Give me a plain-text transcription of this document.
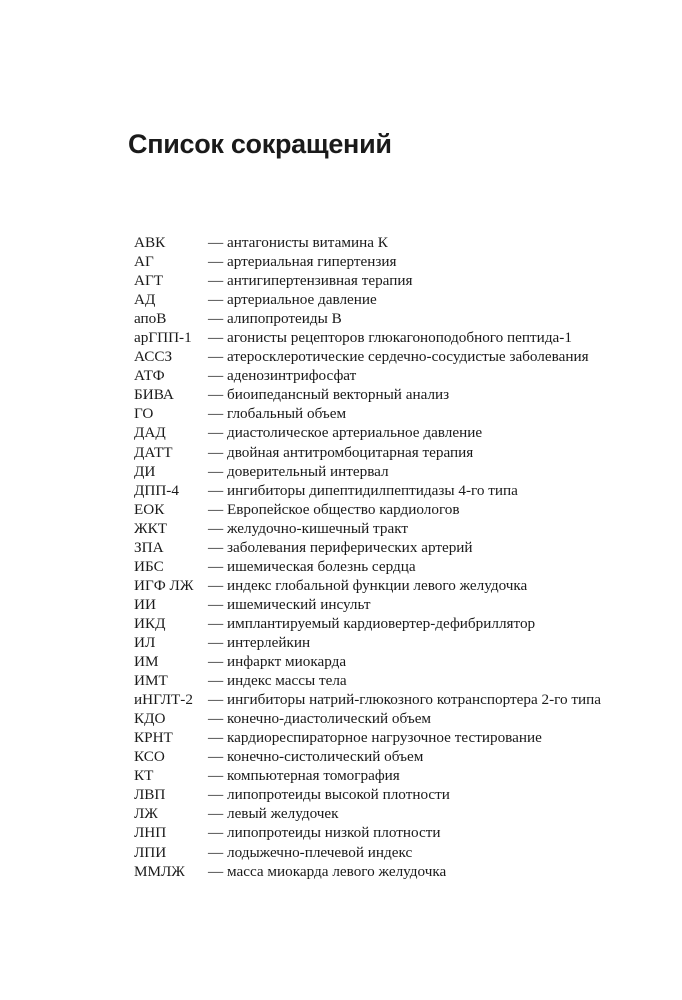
Список сокращений
АВК	— антагонисты витамина К
АГ	— артериальная гипертензия
АГТ	— антигипертензивная терапия
АД	— артериальное давление
апоВ	— алипопротеиды В
арГПП-1	— агонисты рецепторов глюкагоноподобного пептида-1
АССЗ	— атеросклеротические сердечно-сосудистые заболевания
АТФ	— аденозинтрифосфат
БИВА	— биоипедансный векторный анализ
ГО	— глобальный объем
ДАД	— диастолическое артериальное давление
ДАТТ	— двойная антитромбоцитарная терапия
ДИ	— доверительный интервал
ДПП-4	— ингибиторы дипептидилпептидазы 4-го типа
ЕОК	— Европейское общество кардиологов
ЖКТ	— желудочно-кишечный тракт
ЗПА	— заболевания периферических артерий
ИБС	— ишемическая болезнь сердца
ИГФ ЛЖ — индекс глобальной функции левого желудочка
ИИ	— ишемический инсульт
ИКД	— имплантируемый кардиовертер-дефибриллятор
ИЛ	— интерлейкин
ИМ	— инфаркт миокарда
ИМТ	— индекс массы тела
иНГЛТ-2 — ингибиторы натрий-глюкозного котранспортера 2-го типа
КДО	— конечно-диастолический объем
КРНТ	— кардиореспираторное нагрузочное тестирование
КСО	— конечно-систолический объем
КТ	— компьютерная томография
ЛВП	— липопротеиды высокой плотности
ЛЖ	— левый желудочек
ЛНП	— липопротеиды низкой плотности
ЛПИ	— лодыжечно-плечевой индекс
ММЛЖ	— масса миокарда левого желудочка
